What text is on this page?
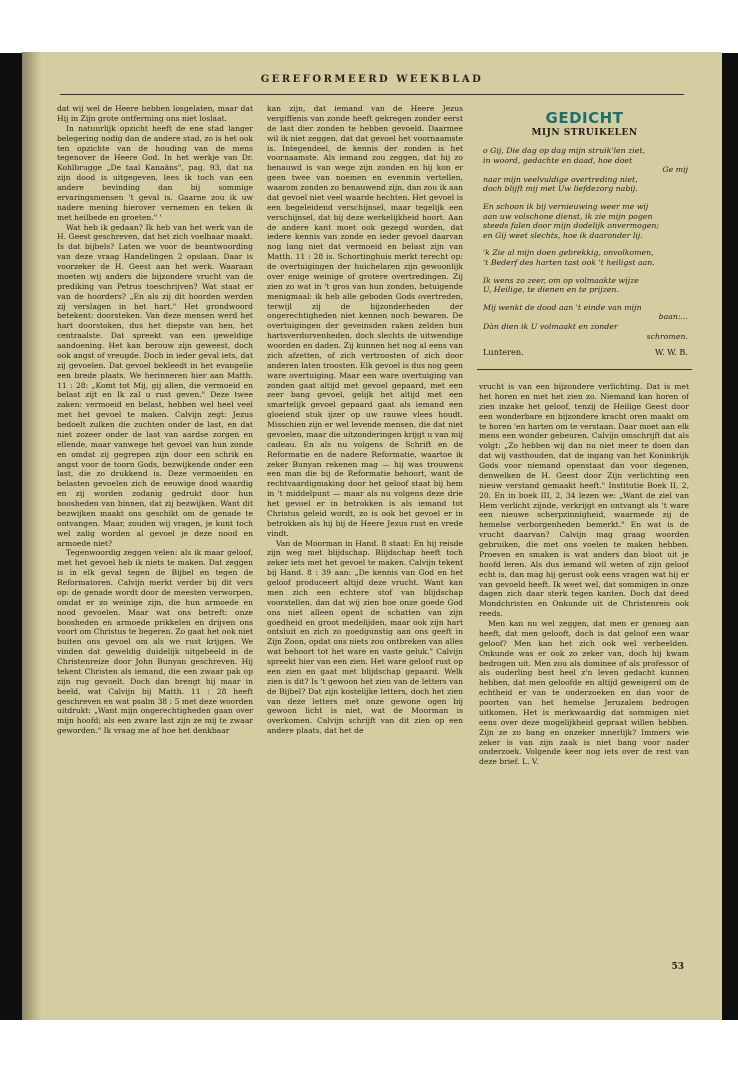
GEREFORMEERD WEEKBLAD

dat wij wel de Heere hebben losgelaten, maar dat Hij in Zijn grote ontferming ons niet loslaat.

In natuurlijk opzicht heeft de ene stad langer belegering nodig dan de andere stad, zo is het ook ten opzichte van de houding van de mens tegenover de Heere God. In het werkje van Dr. Kohlbrugge „De taal Kanaäns", pag. 93, dat na zijn dood is uitgegeven, lees ik toch van een andere bevinding dan bij sommige ervaringsmensen 't geval is. Gaarne zou ik uw nadere mening hierover vernemen en teken ik met heilbede en groeten." '

Wat heb ik gedaan? Ik heb van het werk van de H. Geest geschreven, dat het zich voelbaar maakt. Is dat bijbels? Laten we voor de beantwoording van deze vraag Handelingen 2 opslaan. Daar is voorzeker de H. Geest aan het werk. Waaraan moeten wij anders die bijzondere vrucht van de prediking van Petrus toeschrijven? Wat staat er van de hoorders? „En als zij dit hoorden werden zij verslagen in het hart." Het grondwoord betekent: doorsteken. Van deze mensen werd het hart doorstoken, dus het diepste van hen, het centraalste. Dat spreekt van een geweldige aandoening. Het kan berouw zijn geweest, doch ook angst of vreugde. Doch in ieder geval iets, dat zij gevoelen. Dat gevoel bekleedt in het evangelie een brede plaats. We herinneren hier aan Matth. 11 : 28: „Komt tot Mij, gij allen, die vermoeid en belast zijt en Ik zal u rust geven." Deze twee zaken: vermoeid en belast, hebben wel heel veel met het gevoel te maken. Calvijn zegt: Jezus bedoelt zulken die zuchten onder de last, en dat niet zozeer onder de last van aardse zorgen en ellende, maar vanwege het gevoel van hun zonde en omdat zij gegrepen zijn door een schrik en angst voor de toorn Gods, bezwijkende onder een last, die zo drukkend is. Deze vermoeiden en belasten gevoelen zich de eeuwige dood waardig en zij worden zodanig gedrukt door hun boosheden van binnen, dat zij bezwijken. Want dit bezwijken maakt ons geschikt om de genade te ontvangen. Maar, zouden wij vragen, je kunt toch wel zalig worden al gevoel je deze nood en armoede niet?

Tegenwoordig zeggen velen: als ik maar geloof, met het gevoel heb ik niets te maken. Dat zeggen is in elk geval tegen de Bijbel en tegen de Reformatoren. Calvijn merkt verder bij dit vers op: de genade wordt door de meesten verworpen, omdat er zo weinige zijn, die hun armoede en nood gevoelen. Maar wat ons betreft: onze boosheden en armoede prikkelen en drijven ons voort om Christus te begeren. Zo gaat het ook niet buiten ons gevoel om als we rust krijgen. We vinden dat geweldig duidelijk uitgebeeld in de Christenreize door John Bunyan geschreven. Hij tekent Christen als iemand, die een zwaar pak op zijn rug gevoelt. Doch dan brengt hij maar in beeld, wat Calvijn bij Matth. 11 : 28 heeft geschreven en wat psalm 38 : 5 met deze woorden uitdrukt: „Want mijn ongerechtigheden gaan over mijn hoofd; als een zware last zijn ze mij te zwaar geworden." Ik vraag me af hoe het denkbaar

kan zijn, dat iemand van de Heere Jezus vergiffenis van zonde heeft gekregen zonder eerst de last dier zonden te hebben gevoeld. Daarmee wil ik niet zeggen, dat dat gevoel het voornaamste is. Integendeel, de kennis der zonden is het voornaamste. Als iemand zou zeggen, dat hij zo benauwd is van wege zijn zonden en hij kon er geen twee van noemen en evenmin vertellen, waarom zonden zo benauwend zijn, dan zou ik aan dat gevoel niet veel waarde hechten. Het gevoel is een begeleidend verschijnsel, maar tegelijk een verschijnsel, dat bij deze werkelijkheid hoort. Aan de andere kant moet ook gezegd worden, dat iedere kennis van zonde en ieder gevoel daarvan nog lang niet dat vermoeid en belast zijn van Matth. 11 : 28 is. Schortinghuis merkt terecht op: de overtuigingen der huichelaren zijn gewoonlijk over enige weinige of grotere overtredingen. Zij zien zo wat in 't gros van hun zonden, betuigende menigmaal: ik heb alle geboden Gods overtreden, terwijl zij de bijzonderheden der ongerechtigheden niet kennen noch bewaren. De overtuigingen der geveinsden raken zelden hun hartsverdorvenheden, doch slechts de uitwendige woorden en daden. Zij kunnen het nog al eens van zich afzetten, of zich vertroosten of zich door anderen laten troosten. Elk gevoel is dus nog geen ware overtuiging. Maar een ware overtuiging van zonden gaat altijd met gevoel gepaard, met een zeer bang gevoel, gelijk het altijd met een smartelijk gevoel gepaard gaat als iemand een gloeiend stuk ijzer op uw rauwe vlees houdt. Misschien zijn er wel levende mensen, die dat niet gevoelen, maar die uitzonderingen krijgt u van mij cadeau. En als nu volgens de Schrift en de Reformatie en de nadere Reformatie, waartoe ik zeker Bunyan rekenen mag — hij was trouwens een man die bij de Reformatie behoort, want de rechtvaardigmaking door het geloof staat bij hem in 't middelpunt — maar als nu volgens deze drie het gevoel er in betrokken is als iemand tot Christus geleid wordt, zo is ook het gevoel er in betrokken als hij bij de Heere Jezus rust en vrede vindt.

Van de Moorman in Hand. 8 staat: En hij reisde zijn weg met blijdschap. Blijdschap heeft toch zeker iets met het gevoel te maken. Calvijn tekent bij Hand. 8 : 39 aan: „De kennis van God en het geloof produceert altijd deze vrucht. Want kan men zich een echtere stof van blijdschap voorstellen, dan dat wij zien hoe onze goede God ons niet alleen opent de schatten van zijn goedheid en groot medelijden, maar ook zijn hart ontsluit en zich zo goedgunstig aan ons geeft in Zijn Zoon, opdat ons niets zou ontbreken van alles wat behoort tot het ware en vaste geluk." Calvijn spreekt hier van een zien. Het ware geloof rust op een zien en gaat met blijdschap gepaard. Welk zien is dit? Is 't gewoon het zien van de letters van de Bijbel? Dat zijn kostelijke letters, doch het zien van deze letters met onze gewone ogen bij gewoon licht is niet, wat de Moorman is overkomen. Calvijn schrijft van dit zien op een andere plaats, dat het de

GEDICHT
MIJN STRUIKELEN
o Gij, Die dag op dag mijn struik'len ziet,
in woord, gedachte en daad, hoe doet
Ge mij
naar mijn veelvuldige overtreding niet,
doch blijft mij met Uw liefdezorg nabij.
En schoon ik bij vernieuwing weer me wij
aan uw volschone dienst, ik zie mijn pogen
steeds falen door mijn dodelijk onvermogen;
en Gij weet slechts, hoe ik daaronder lij.
'k Zie al mijn doen gebrekkig, onvolkomen,
't Bederf des harten tast ook 't heiligst aan.
Ik wens zo zeer, om op volmaakte wijze
U, Heilige, te dienen en te prijzen.
Mij wenkt de dood aan 't einde van mijn
baan:...
Dàn dien ik U volmaakt en zonder
schromen.
Lunteren.	W. W. B.

vrucht is van een bijzondere verlichting. Dat is met het horen en met het zien zo. Niemand kan horen of zien inzake het geloof, tenzij de Heilige Geest door een wonderbare en bijzondere kracht oren maakt om te horen 'en harten om te verstaan. Daar moet aan elk mens een wonder gebeuren. Calvijn omschrijft dat als volgt: „Zo hebben wij dan nu niet meer te doen dan dat wij vasthouden, dat de ingang van het Koninkrijk Gods voor niemand openstaat dan voor degenen, denwelken de H. Geest door Zijn verlichting een nieuw verstand gemaakt heeft." Institutie Boek II, 2, 20. En in boek III, 2, 34 lezen we: „Want de ziel van Hem verlicht zijnde, verkrijgt en ontvangt als 't ware een nieuwe scherpzinnigheid, waarmede zij de hemelse verborgenheden bemerkt." En wat is de vrucht daarvan? Calvijn mag graag woorden gebruiken, die met ons voelen te maken hebben. Proeven en smaken is wat anders dan bloot uit je hoofd leren. Als dus iemand wil weten of zijn geloof echt is, dan mag hij gerust ook eens vragen wat hij er van gevoeld heeft. Ik weet wel, dat sommigen in onze dagen zich daar sterk tegen kanten. Doch dat deed Mondchristen en Onkunde uit de Christenreis ook reeds.

Men kan nu wel zeggen, dat men er genoeg aan heeft, dat men gelooft, doch is dat geloof een waar geloof? Men kan het zich ook wel verbeelden. Onkunde was er ook zo zeker van, doch hij kwam bedrogen uit. Men zou als dominee of als professor of als ouderling best heel z'n leven gedacht kunnen hebben, dat men geloofde en altijd geweigerd om de echtheid er van te onderzoeken en dan voor de poorten van het hemelse Jeruzalem bedrogen uitkomen. Het is merkwaardig dat sommigen niet eens over deze mogelijkheid gepraat willen hebben. Zijn ze zo bang en onzeker innerlijk? Immers wie zeker is van zijn zaak is niet bang voor nader onderzoek. Volgende keer nog iets over de rest van deze brief. L. V.

53
